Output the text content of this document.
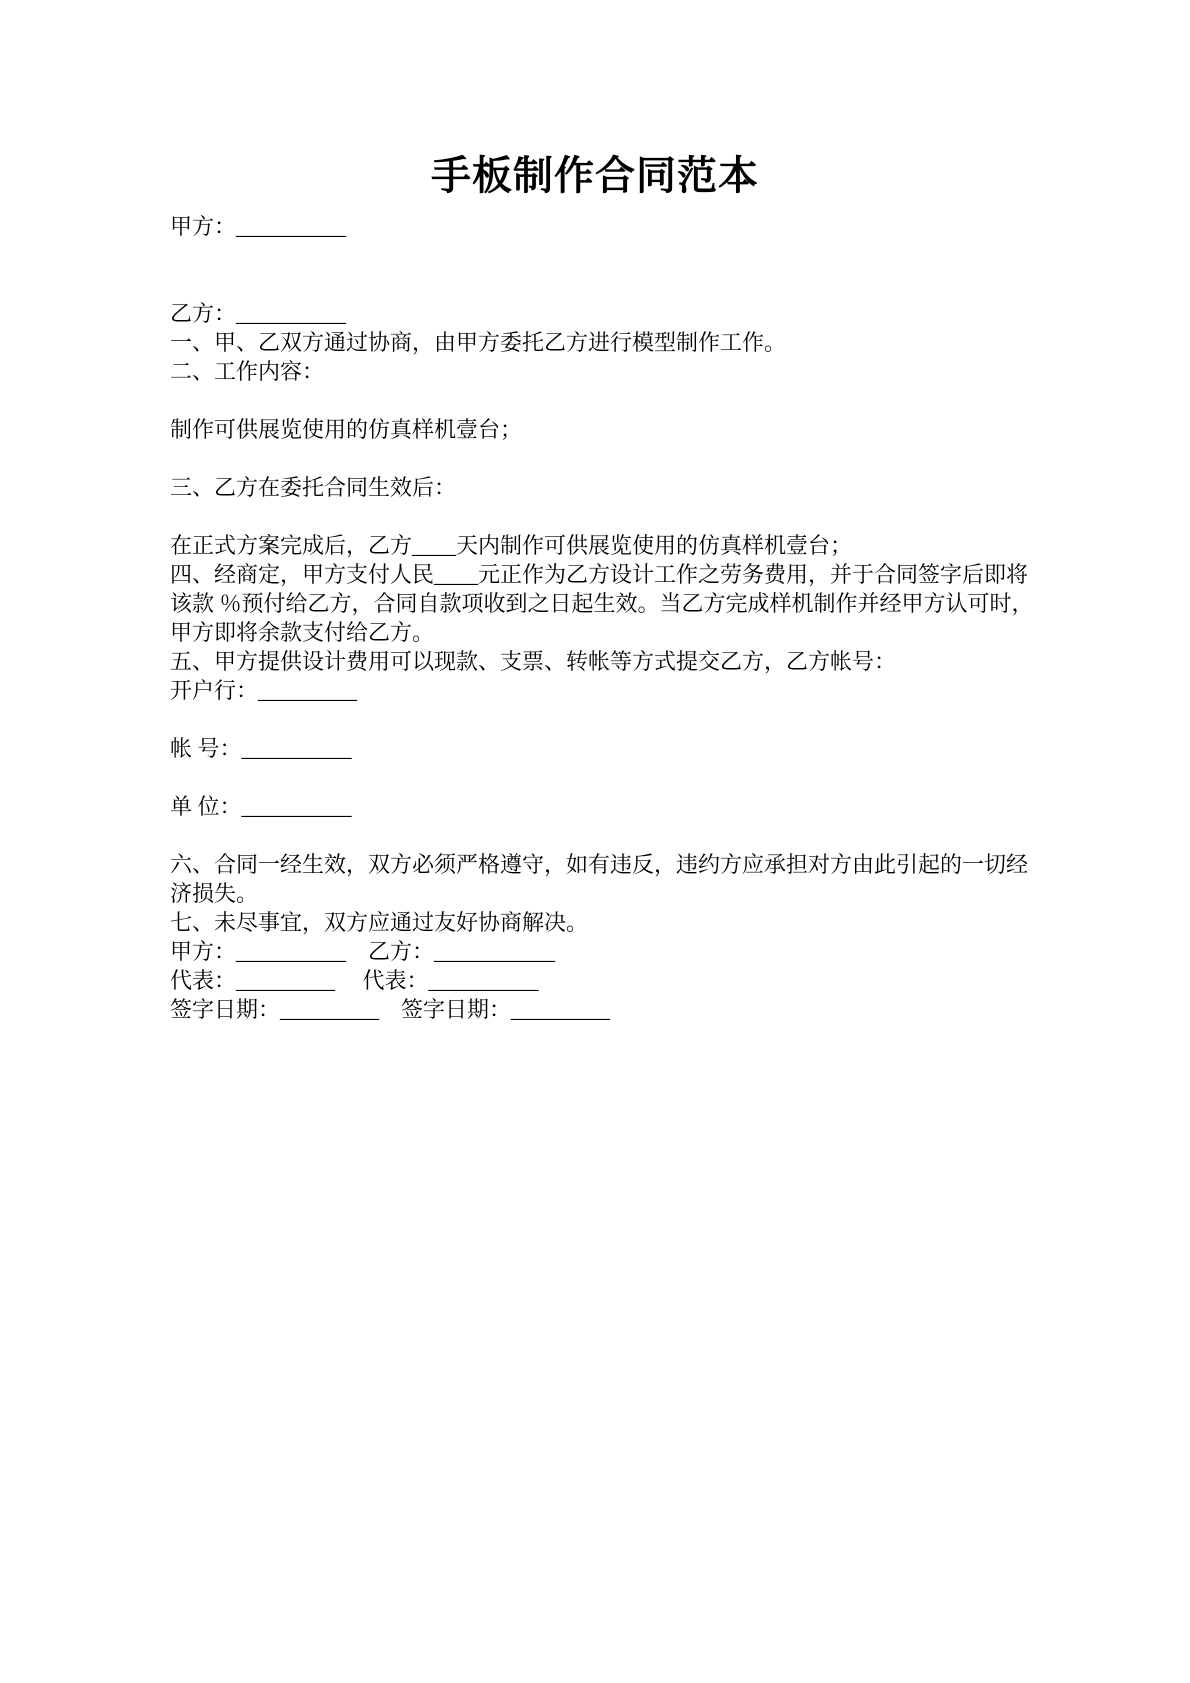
手板制作合同范本
甲方：__________
乙方：__________
一、甲、乙双方通过协商，由甲方委托乙方进行模型制作工作。
二、工作内容：
制作可供展览使用的仿真样机壹台；
三、乙方在委托合同生效后：
在正式方案完成后，乙方____天内制作可供展览使用的仿真样机壹台；
四、经商定，甲方支付人民____元正作为乙方设计工作之劳务费用，并于合同签字后即将
该款 ％预付给乙方，合同自款项收到之日起生效。当乙方完成样机制作并经甲方认可时，
甲方即将余款支付给乙方。
五、甲方提供设计费用可以现款、支票、转帐等方式提交乙方，乙方帐号：
开户行：_________
帐 号：__________
单 位：__________
六、合同一经生效，双方必须严格遵守，如有违反，违约方应承担对方由此引起的一切经
济损失。
七、未尽事宜，双方应通过友好协商解决。
甲方：__________　乙方：___________
代表：_________　 代表：__________
签字日期：_________　签字日期：_________
